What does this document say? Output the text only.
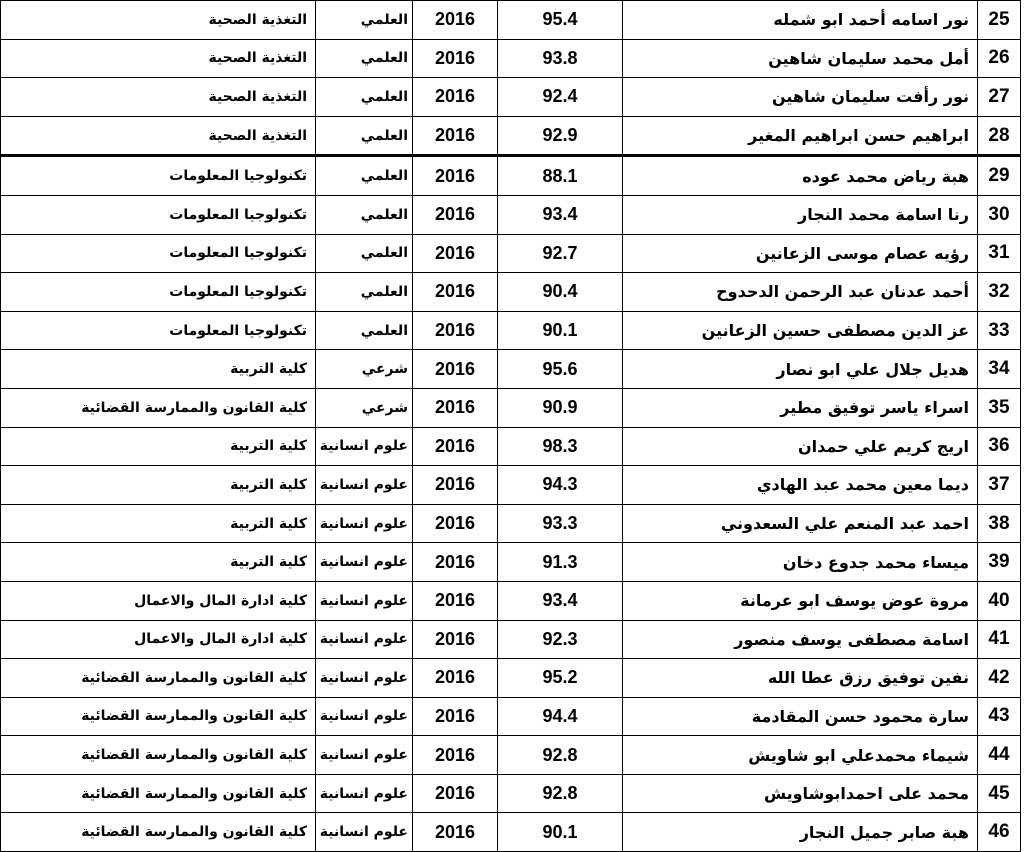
25	نور اسامه أحمد ابو شمله	95.4	2016	العلمي	التغذية الصحية
26	أمل محمد سليمان شاهين	93.8	2016	العلمي	التغذية الصحية
27	نور رأفت سليمان شاهين	92.4	2016	العلمي	التغذية الصحية
28	ابراهيم حسن ابراهيم المغير	92.9	2016	العلمي	التغذية الصحية
29	هبة رياض محمد عوده	88.1	2016	العلمي	تكنولوجيا المعلومات
30	رنا اسامة محمد النجار	93.4	2016	العلمي	تكنولوجيا المعلومات
31	رؤيه عصام موسى الزعانين	92.7	2016	العلمي	تكنولوجيا المعلومات
32	أحمد عدنان عبد الرحمن الدحدوح	90.4	2016	العلمي	تكنولوجيا المعلومات
33	عز الدين مصطفى حسين الزعانين	90.1	2016	العلمي	تكنولوجيا المعلومات
34	هديل جلال علي ابو نصار	95.6	2016	شرعي	كلية التربية
35	اسراء ياسر توفيق مطير	90.9	2016	شرعي	كلية القانون والممارسة القضائية
36	اريج كريم علي حمدان	98.3	2016	علوم انسانية	كلية التربية
37	ديما معين محمد عبد الهادي	94.3	2016	علوم انسانية	كلية التربية
38	احمد عبد المنعم علي السعدوني	93.3	2016	علوم انسانية	كلية التربية
39	ميساء محمد جدوع دخان	91.3	2016	علوم انسانية	كلية التربية
40	مروة عوض يوسف ابو عرمانة	93.4	2016	علوم انسانية	كلية ادارة المال والاعمال
41	اسامة مصطفى يوسف منصور	92.3	2016	علوم انسانية	كلية ادارة المال والاعمال
42	نفين توفيق رزق عطا الله	95.2	2016	علوم انسانية	كلية القانون والممارسة القضائية
43	سارة محمود حسن المقادمة	94.4	2016	علوم انسانية	كلية القانون والممارسة القضائية
44	شيماء محمدعلي ابو شاويش	92.8	2016	علوم انسانية	كلية القانون والممارسة القضائية
45	محمد على احمدابوشاويش	92.8	2016	علوم انسانية	كلية القانون والممارسة القضائية
46	هبة صابر جميل النجار	90.1	2016	علوم انسانية	كلية القانون والممارسة القضائية
